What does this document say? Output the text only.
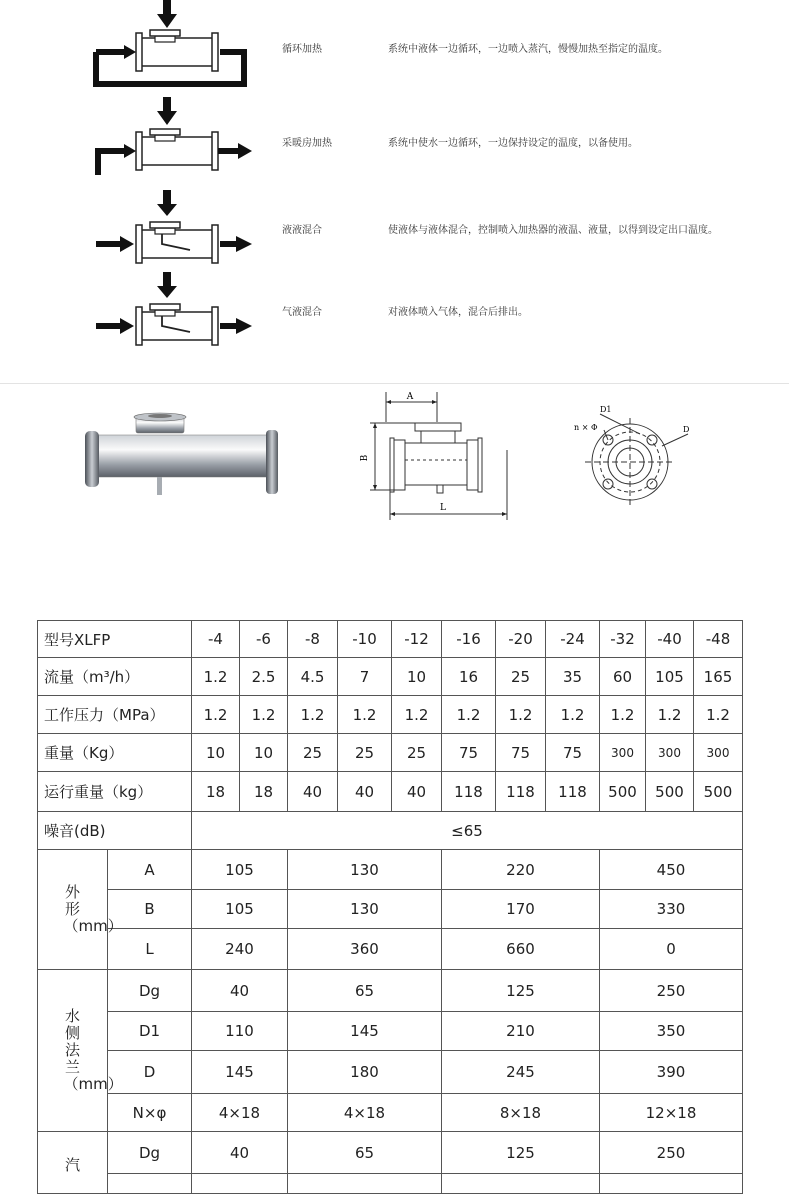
循环加热	系统中液体一边循环，一边喷入蒸汽，慢慢加热至指定的温度。
采暖房加热	系统中使水一边循环，一边保持设定的温度，以备使用。
液液混合	使液体与液体混合，控制喷入加热器的液温、液量，以得到设定出口温度。
气液混合	对液体喷入气体，混合后排出。
A
B
L
D1
n × Φ	D
型号XLFP		-4	-6	-8	-10	-12	-16	-20	-24	-32	-40	-48
流量（m³/h）		1.2	2.5	4.5	7	10	16	25	35	60	105	165
工作压力（MPa）		1.2	1.2	1.2	1.2	1.2	1.2	1.2	1.2	1.2	1.2	1.2
重量（Kg）		10	10	25	25	25	75	75	75	300	300	300
运行重量（kg）		18	18	40	40	40	118	118	118	500	500	500
噪音(dB)		≤65										
外形（mm）	A	105		130			220			450		
	B	105		130			170			330		
	L	240		360			660			0		
水侧法兰（mm）	Dg	40		65			125			250		
	D1	110		145			210			350		
	D	145		180			245			390		
	N×φ	4×18		4×18			8×18			12×18		
汽	Dg	40		65			125			250		
